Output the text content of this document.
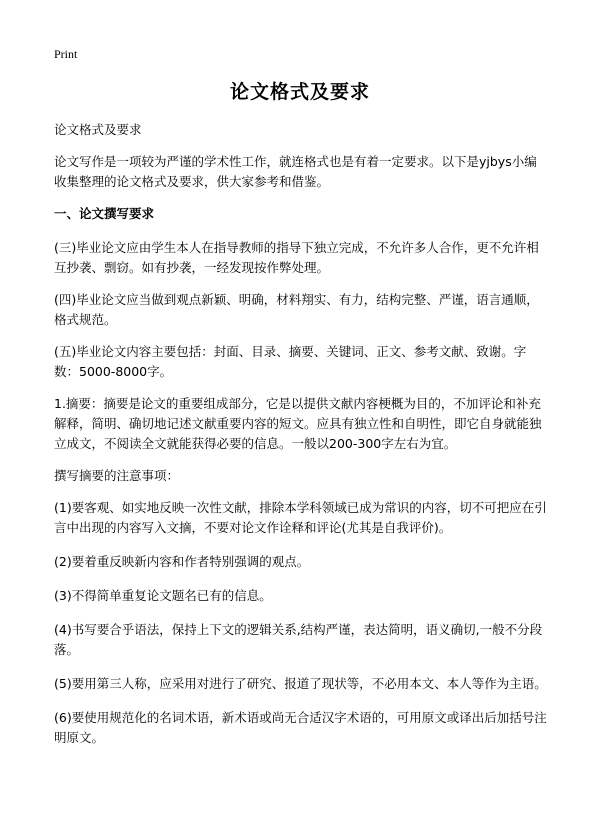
Print
论文格式及要求

论文格式及要求

论文写作是一项较为严谨的学术性工作，就连格式也是有着一定要求。以下是yjbys小编收集整理的论文格式及要求，供大家参考和借鉴。

一、论文撰写要求

(三)毕业论文应由学生本人在指导教师的指导下独立完成，不允许多人合作，更不允许相互抄袭、剽窃。如有抄袭，一经发现按作弊处理。

(四)毕业论文应当做到观点新颖、明确，材料翔实、有力，结构完整、严谨，语言通顺，格式规范。

(五)毕业论文内容主要包括：封面、目录、摘要、关键词、正文、参考文献、致谢。字数：5000-8000字。

1.摘要：摘要是论文的重要组成部分，它是以提供文献内容梗概为目的，不加评论和补充解释，简明、确切地记述文献重要内容的短文。应具有独立性和自明性，即它自身就能独立成文，不阅读全文就能获得必要的信息。一般以200-300字左右为宜。

撰写摘要的注意事项：

(1)要客观、如实地反映一次性文献，排除本学科领域已成为常识的内容，切不可把应在引言中出现的内容写入文摘，不要对论文作诠释和评论(尤其是自我评价)。

(2)要着重反映新内容和作者特别强调的观点。

(3)不得简单重复论文题名已有的信息。

(4)书写要合乎语法，保持上下文的逻辑关系,结构严谨，表达简明，语义确切,一般不分段落。

(5)要用第三人称，应采用对进行了研究、报道了现状等，不必用本文、本人等作为主语。

(6)要使用规范化的名词术语，新术语或尚无合适汉字术语的，可用原文或译出后加括号注明原文。
